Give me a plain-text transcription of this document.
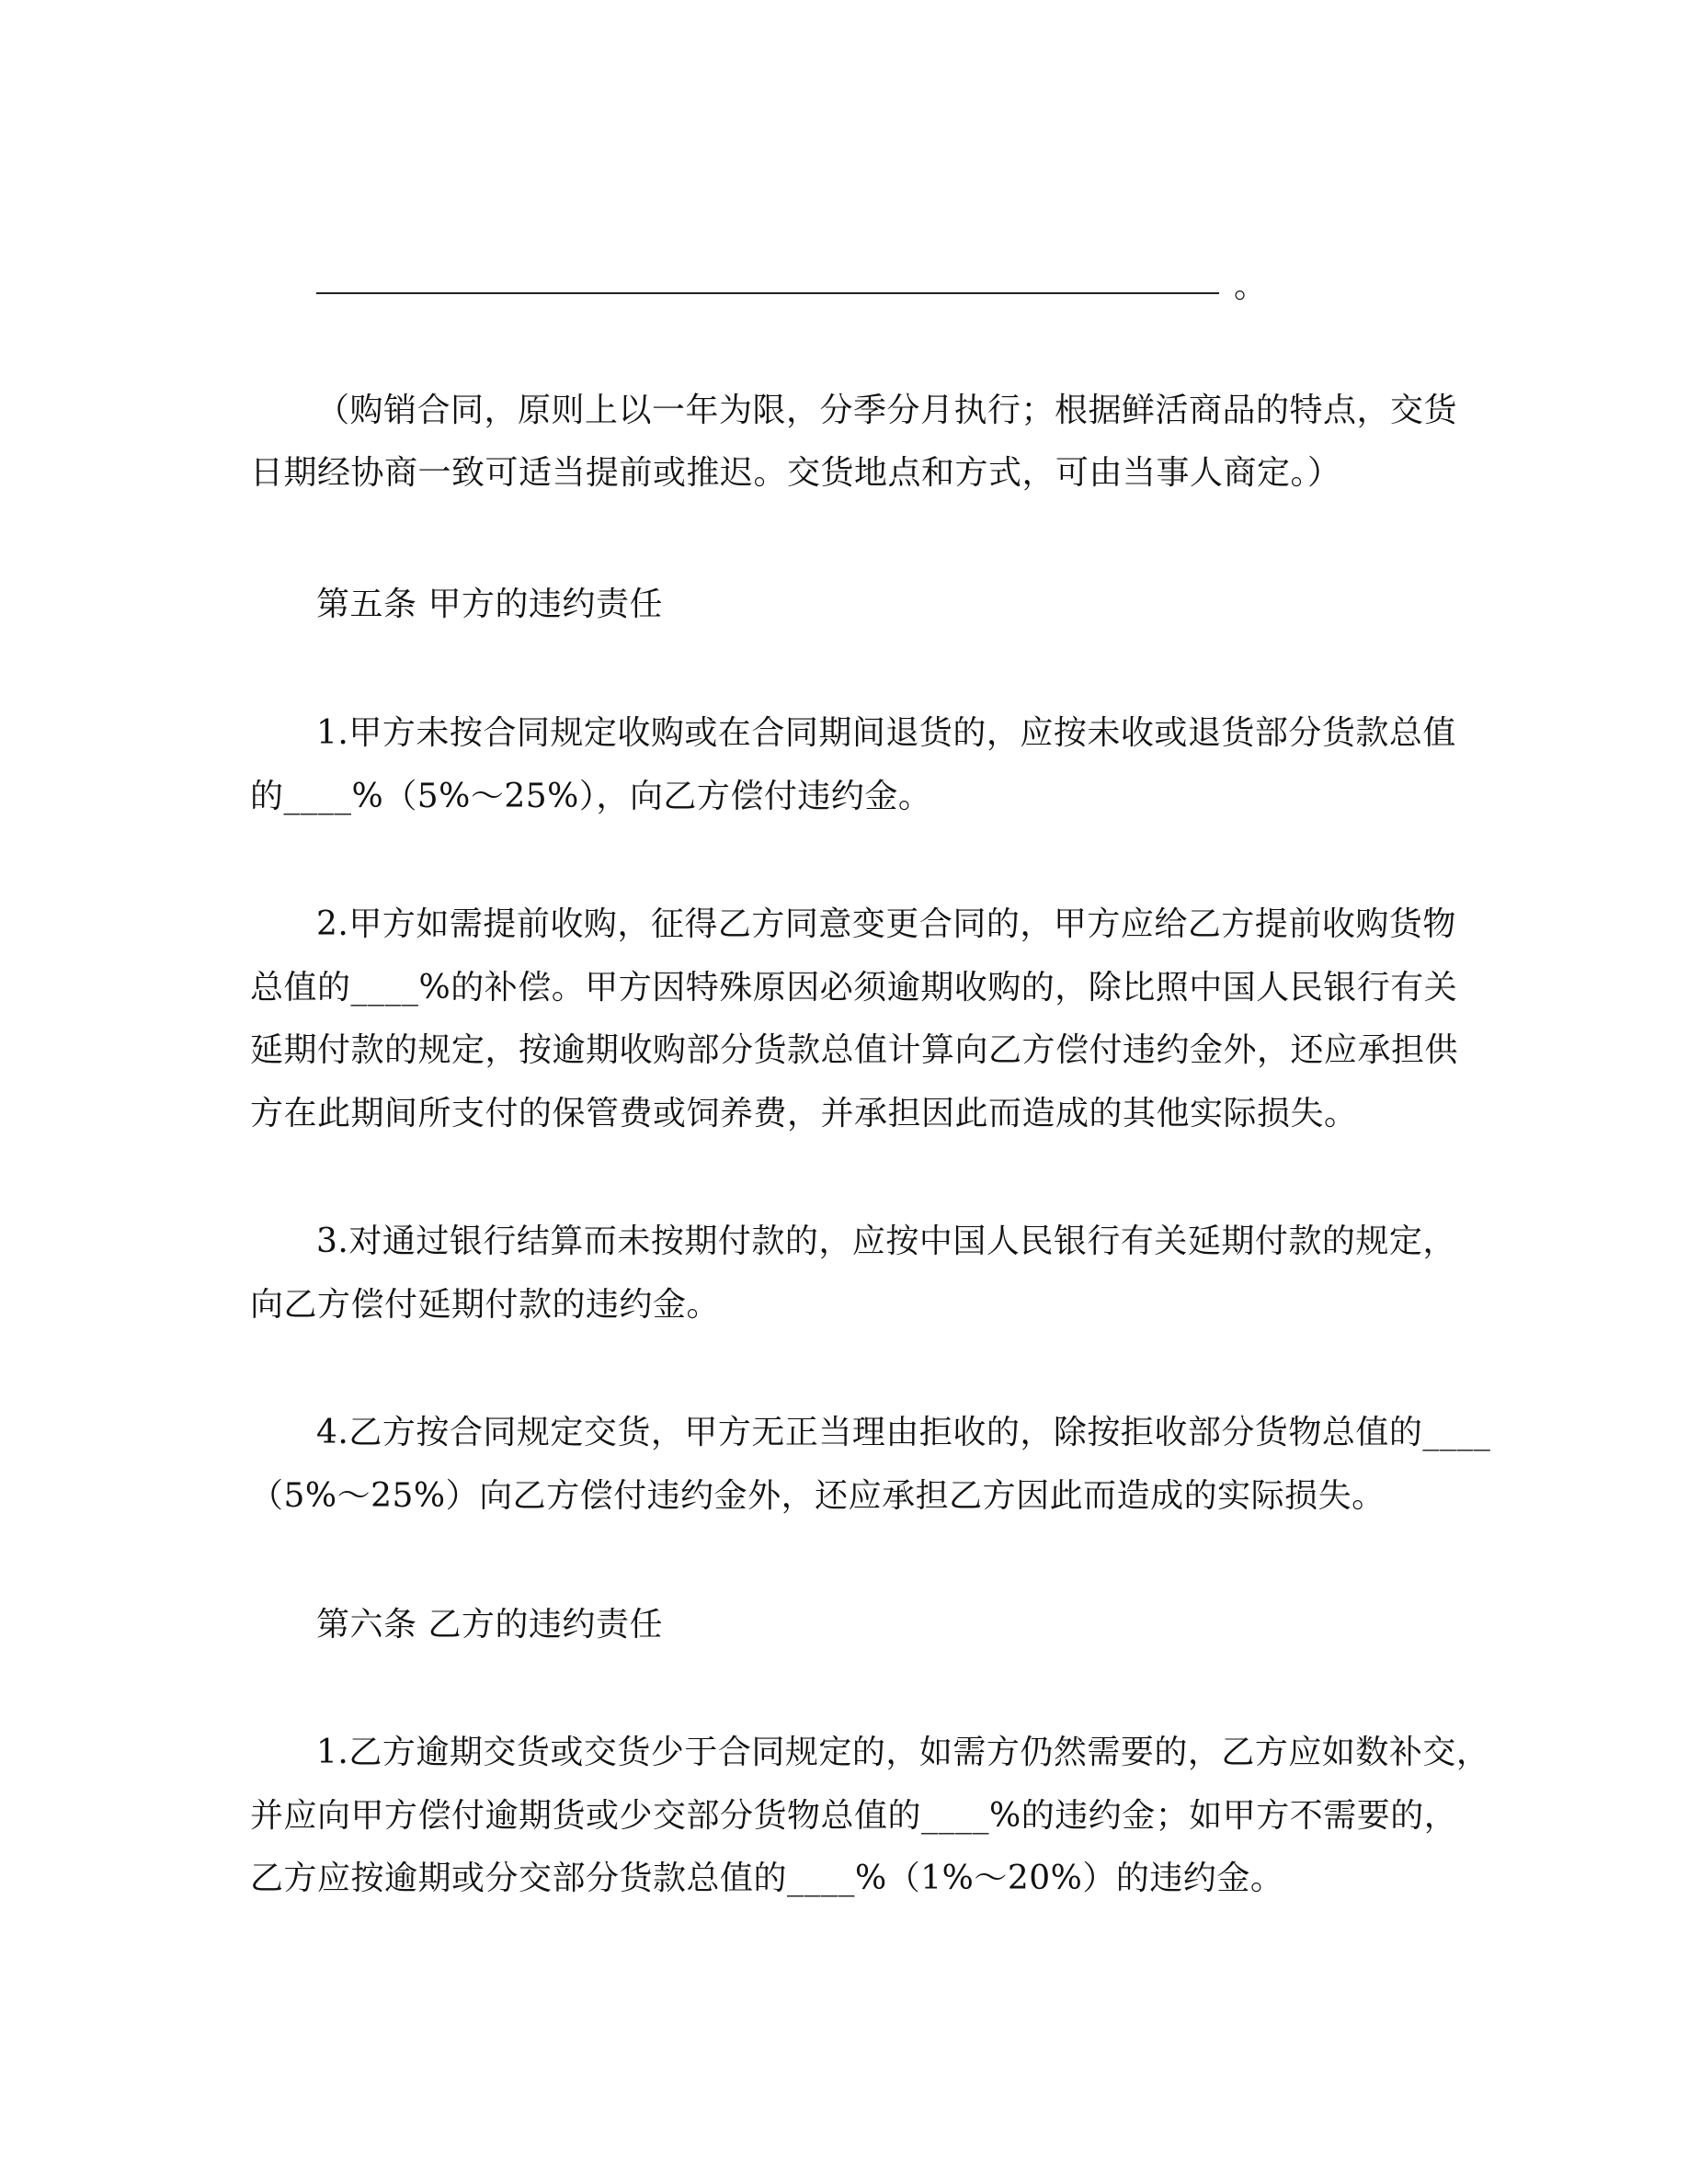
。
（购销合同，原则上以一年为限，分季分月执行；根据鲜活商品的特点，交货
日期经协商一致可适当提前或推迟。交货地点和方式，可由当事人商定。）
第五条 甲方的违约责任
1.甲方未按合同规定收购或在合同期间退货的，应按未收或退货部分货款总值
的____%（5%～25%），向乙方偿付违约金。
2.甲方如需提前收购，征得乙方同意变更合同的，甲方应给乙方提前收购货物
总值的____%的补偿。甲方因特殊原因必须逾期收购的，除比照中国人民银行有关
延期付款的规定，按逾期收购部分货款总值计算向乙方偿付违约金外，还应承担供
方在此期间所支付的保管费或饲养费，并承担因此而造成的其他实际损失。
3.对通过银行结算而未按期付款的，应按中国人民银行有关延期付款的规定，
向乙方偿付延期付款的违约金。
4.乙方按合同规定交货，甲方无正当理由拒收的，除按拒收部分货物总值的____
（5%～25%）向乙方偿付违约金外，还应承担乙方因此而造成的实际损失。
第六条 乙方的违约责任
1.乙方逾期交货或交货少于合同规定的，如需方仍然需要的，乙方应如数补交，
并应向甲方偿付逾期货或少交部分货物总值的____%的违约金；如甲方不需要的，
乙方应按逾期或分交部分货款总值的____%（1%～20%）的违约金。
